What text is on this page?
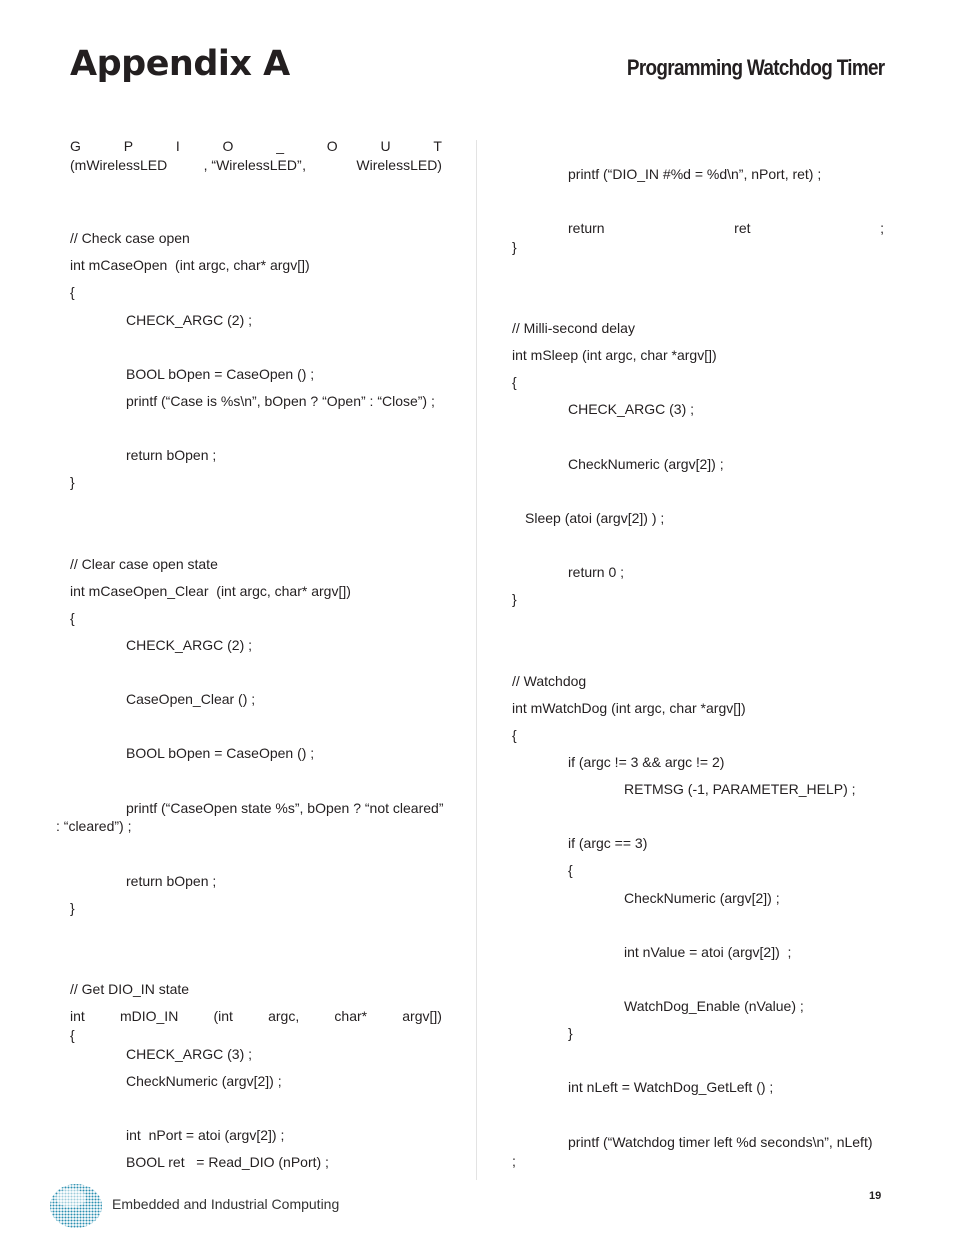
Appendix A	Programming Watchdog Timer
G	P	I	O	_	O	U	T
(mWirelessLED	, “WirelessLED” ,	WirelessLED)
// Check case open
int mCaseOpen  (int argc, char* argv[])
{
CHECK_ARGC (2) ;
BOOL bOpen = CaseOpen () ;
printf (“Case is %s\n”, bOpen ? “Open” : “Close”) ;
return bOpen ;
}
// Clear case open state
int mCaseOpen_Clear  (int argc, char* argv[])
{
CHECK_ARGC (2) ;
CaseOpen_Clear () ;
BOOL bOpen = CaseOpen () ;
printf (“CaseOpen state %s”, bOpen ? “not cleared”
: “cleared”) ;
return bOpen ;
}
// Get DIO_IN state
int	mDIO_IN	(int	argc,	char*	argv[])
{
CHECK_ARGC (3) ;
CheckNumeric (argv[2]) ;
int  nPort = atoi (argv[2]) ;
BOOL ret   = Read_DIO (nPort) ;
printf (“DIO_IN #%d = %d\n”, nPort, ret) ;
return	ret	;
}
// Milli-second delay
int mSleep (int argc, char *argv[])
{
CHECK_ARGC (3) ;
CheckNumeric (argv[2]) ;
Sleep (atoi (argv[2]) ) ;
return 0 ;
}
// Watchdog
int mWatchDog (int argc, char *argv[])
{
if (argc != 3 && argc != 2)
RETMSG (-1, PARAMETER_HELP) ;
if (argc == 3)
{
CheckNumeric (argv[2]) ;
int nValue = atoi (argv[2])  ;
WatchDog_Enable (nValue) ;
}
int nLeft = WatchDog_GetLeft () ;
printf (“Watchdog timer left %d seconds\n”, nLeft)
;
Embedded and Industrial Computing	19
